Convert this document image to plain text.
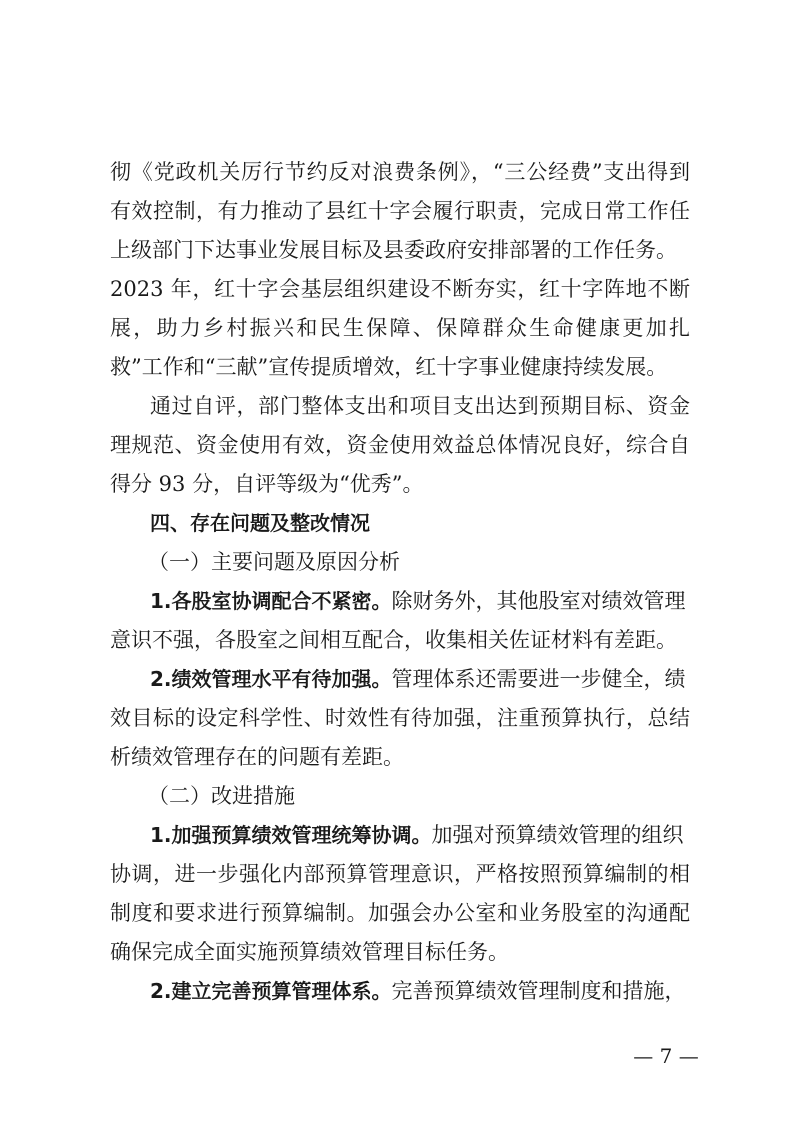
彻《党政机关厉行节约反对浪费条例》，“三公经费”支出得到
有效控制，有力推动了县红十字会履行职责，完成日常工作任
上级部门下达事业发展目标及县委政府安排部署的工作任务。
2023 年，红十字会基层组织建设不断夯实，红十字阵地不断
展，助力乡村振兴和民生保障、保障群众生命健康更加扎
救”工作和“三献”宣传提质增效，红十字事业健康持续发展。
通过自评，部门整体支出和项目支出达到预期目标、资金
理规范、资金使用有效，资金使用效益总体情况良好，综合自
得分 93 分，自评等级为“优秀”。
四、存在问题及整改情况
（一）主要问题及原因分析
1.各股室协调配合不紧密。除财务外，其他股室对绩效管理
意识不强，各股室之间相互配合，收集相关佐证材料有差距。
2.绩效管理水平有待加强。管理体系还需要进一步健全，绩
效目标的设定科学性、时效性有待加强，注重预算执行，总结
析绩效管理存在的问题有差距。
（二）改进措施
1.加强预算绩效管理统筹协调。加强对预算绩效管理的组织
协调，进一步强化内部预算管理意识，严格按照预算编制的相
制度和要求进行预算编制。加强会办公室和业务股室的沟通配
确保完成全面实施预算绩效管理目标任务。
2.建立完善预算管理体系。完善预算绩效管理制度和措施，
— 7 —
